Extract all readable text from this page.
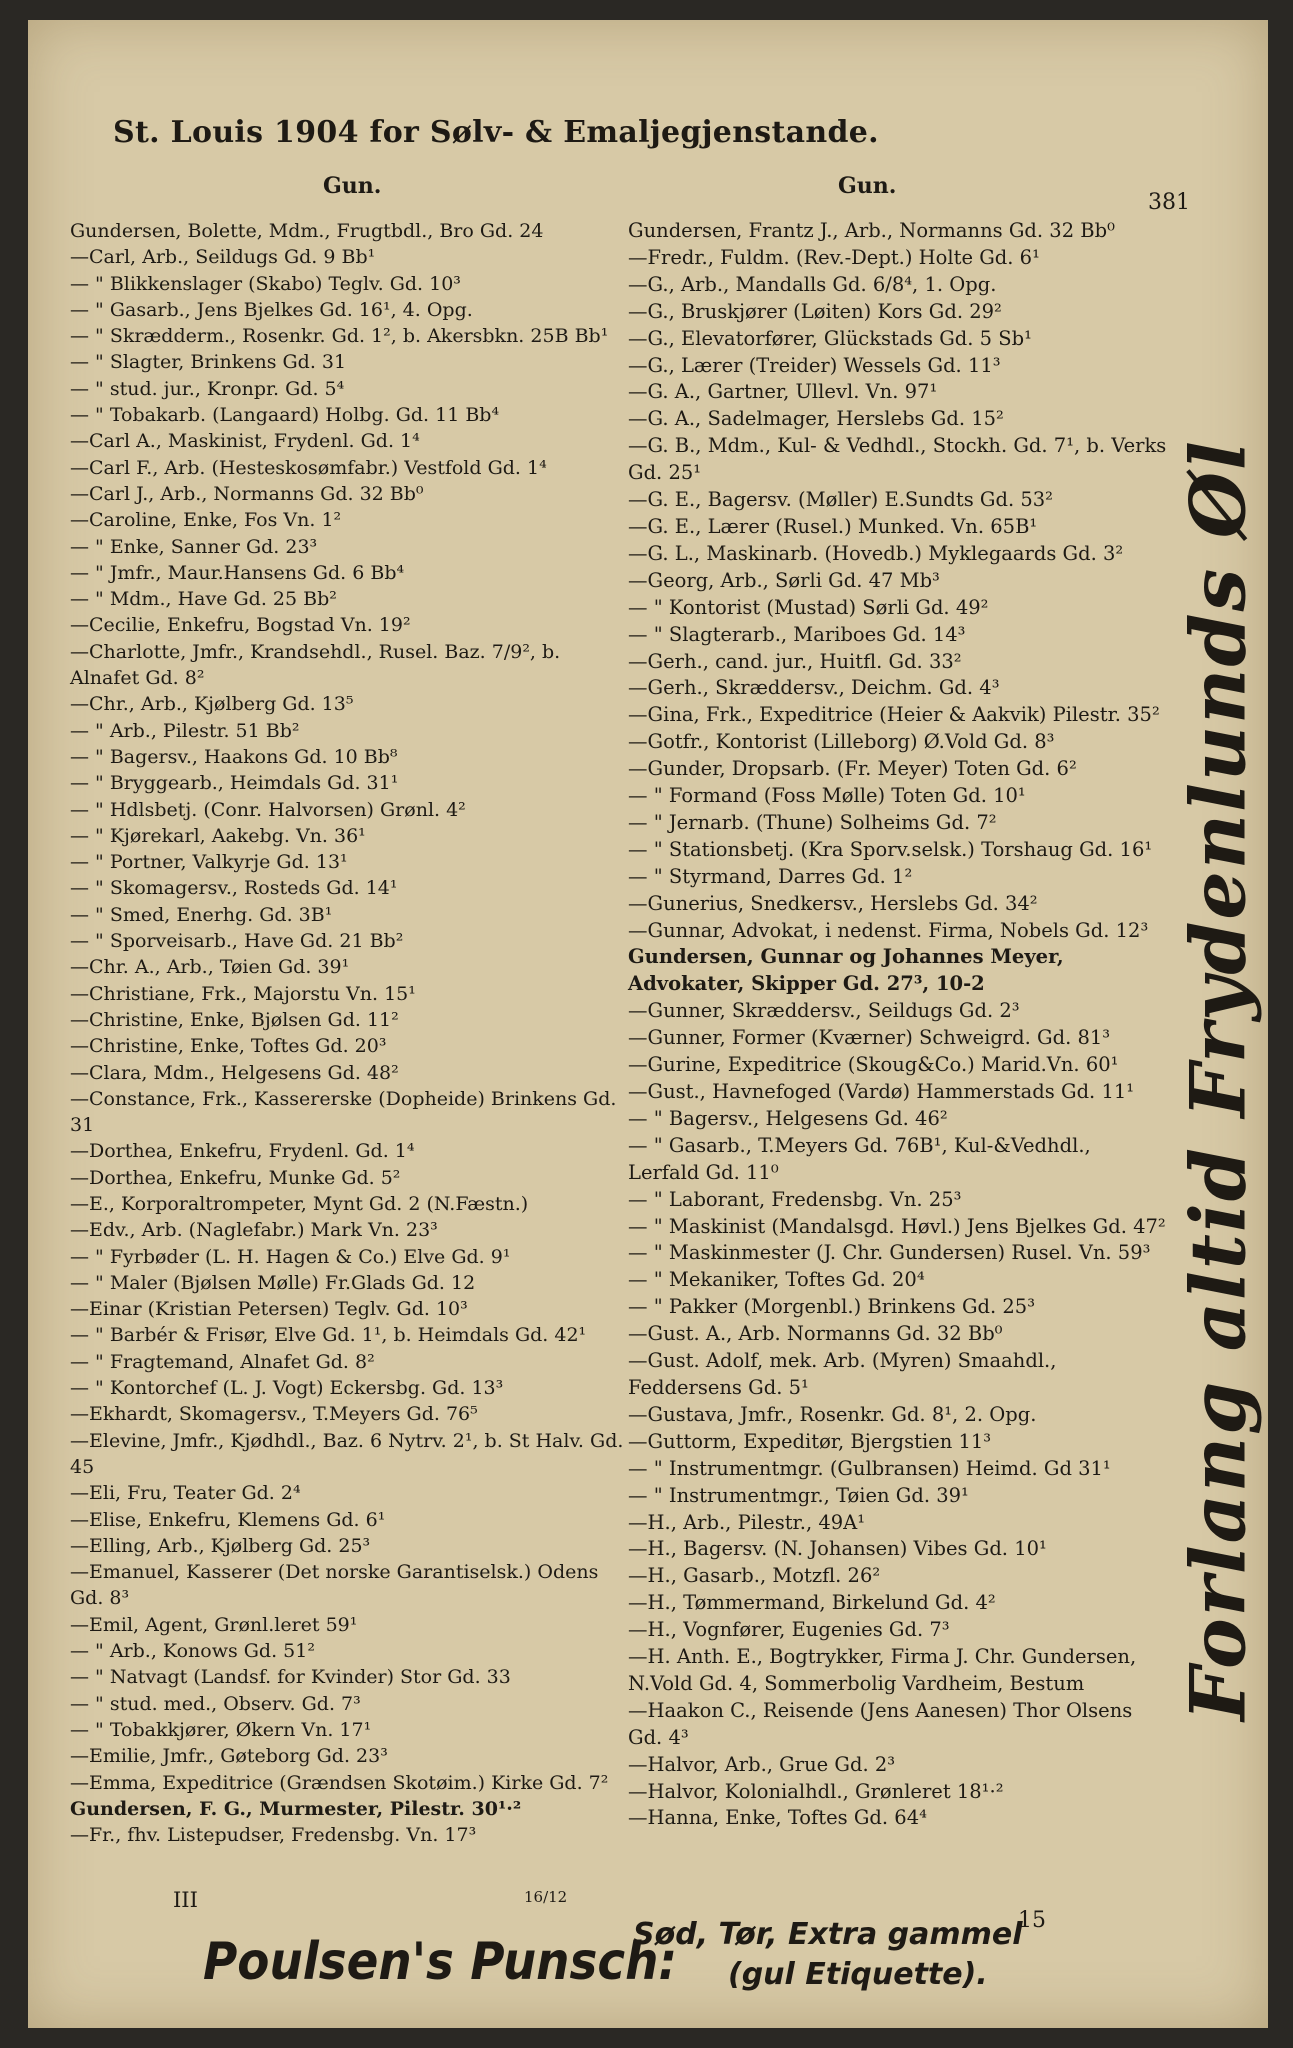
St. Louis 1904 for Sølv- & Emaljegjenstande.
Gun.	Gun.
381
Gundersen, Bolette, Mdm., Frugtbdl., Bro Gd. 24
—Carl, Arb., Seildugs Gd. 9 Bb¹
— " Blikkenslager (Skabo) Teglv. Gd. 10³
— " Gasarb., Jens Bjelkes Gd. 16¹, 4. Opg.
— " Skrædderm., Rosenkr. Gd. 1², b. Akersbkn. 25B Bb¹
— " Slagter, Brinkens Gd. 31
— " stud. jur., Kronpr. Gd. 5⁴
— " Tobakarb. (Langaard) Holbg. Gd. 11 Bb⁴
—Carl A., Maskinist, Frydenl. Gd. 1⁴
—Carl F., Arb. (Hesteskosømfabr.) Vestfold Gd. 1⁴
—Carl J., Arb., Normanns Gd. 32 Bb⁰
—Caroline, Enke, Fos Vn. 1²
— " Enke, Sanner Gd. 23³
— " Jmfr., Maur.Hansens Gd. 6 Bb⁴
— " Mdm., Have Gd. 25 Bb²
—Cecilie, Enkefru, Bogstad Vn. 19²
—Charlotte, Jmfr., Krandsehdl., Rusel. Baz. 7/9², b. Alnafet Gd. 8²
—Chr., Arb., Kjølberg Gd. 13⁵
— " Arb., Pilestr. 51 Bb²
— " Bagersv., Haakons Gd. 10 Bb⁸
— " Bryggearb., Heimdals Gd. 31¹
— " Hdlsbetj. (Conr. Halvorsen) Grønl. 4²
— " Kjørekarl, Aakebg. Vn. 36¹
— " Portner, Valkyrje Gd. 13¹
— " Skomagersv., Rosteds Gd. 14¹
— " Smed, Enerhg. Gd. 3B¹
— " Sporveisarb., Have Gd. 21 Bb²
—Chr. A., Arb., Tøien Gd. 39¹
—Christiane, Frk., Majorstu Vn. 15¹
—Christine, Enke, Bjølsen Gd. 11²
—Christine, Enke, Toftes Gd. 20³
—Clara, Mdm., Helgesens Gd. 48²
—Constance, Frk., Kassererske (Dopheide) Brinkens Gd. 31
—Dorthea, Enkefru, Frydenl. Gd. 1⁴
—Dorthea, Enkefru, Munke Gd. 5²
—E., Korporaltrompeter, Mynt Gd. 2 (N.Fæstn.)
—Edv., Arb. (Naglefabr.) Mark Vn. 23³
— " Fyrbøder (L. H. Hagen & Co.) Elve Gd. 9¹
— " Maler (Bjølsen Mølle) Fr.Glads Gd. 12
—Einar (Kristian Petersen) Teglv. Gd. 10³
— " Barbér & Frisør, Elve Gd. 1¹, b. Heimdals Gd. 42¹
— " Fragtemand, Alnafet Gd. 8²
— " Kontorchef (L. J. Vogt) Eckersbg. Gd. 13³
—Ekhardt, Skomagersv., T.Meyers Gd. 76⁵
—Elevine, Jmfr., Kjødhdl., Baz. 6 Nytrv. 2¹, b. St Halv. Gd. 45
—Eli, Fru, Teater Gd. 2⁴
—Elise, Enkefru, Klemens Gd. 6¹
—Elling, Arb., Kjølberg Gd. 25³
—Emanuel, Kasserer (Det norske Garantiselsk.) Odens Gd. 8³
—Emil, Agent, Grønl.leret 59¹
— " Arb., Konows Gd. 51²
— " Natvagt (Landsf. for Kvinder) Stor Gd. 33
— " stud. med., Observ. Gd. 7³
— " Tobakkjører, Økern Vn. 17¹
—Emilie, Jmfr., Gøteborg Gd. 23³
—Emma, Expeditrice (Grændsen Skotøim.) Kirke Gd. 7²
Gundersen, F. G., Murmester, Pilestr. 30¹·²
—Fr., fhv. Listepudser, Fredensbg. Vn. 17³
Gundersen, Frantz J., Arb., Normanns Gd. 32 Bb⁰
—Fredr., Fuldm. (Rev.-Dept.) Holte Gd. 6¹
—G., Arb., Mandalls Gd. 6/8⁴, 1. Opg.
—G., Bruskjører (Løiten) Kors Gd. 29²
—G., Elevatorfører, Glückstads Gd. 5 Sb¹
—G., Lærer (Treider) Wessels Gd. 11³
—G. A., Gartner, Ullevl. Vn. 97¹
—G. A., Sadelmager, Herslebs Gd. 15²
—G. B., Mdm., Kul- & Vedhdl., Stockh. Gd. 7¹, b. Verks Gd. 25¹
—G. E., Bagersv. (Møller) E.Sundts Gd. 53²
—G. E., Lærer (Rusel.) Munked. Vn. 65B¹
—G. L., Maskinarb. (Hovedb.) Myklegaards Gd. 3²
—Georg, Arb., Sørli Gd. 47 Mb³
— " Kontorist (Mustad) Sørli Gd. 49²
— " Slagterarb., Mariboes Gd. 14³
—Gerh., cand. jur., Huitfl. Gd. 33²
—Gerh., Skræddersv., Deichm. Gd. 4³
—Gina, Frk., Expeditrice (Heier & Aakvik) Pilestr. 35²
—Gotfr., Kontorist (Lilleborg) Ø.Vold Gd. 8³
—Gunder, Dropsarb. (Fr. Meyer) Toten Gd. 6²
— " Formand (Foss Mølle) Toten Gd. 10¹
— " Jernarb. (Thune) Solheims Gd. 7²
— " Stationsbetj. (Kra Sporv.selsk.) Torshaug Gd. 16¹
— " Styrmand, Darres Gd. 1²
—Gunerius, Snedkersv., Herslebs Gd. 34²
—Gunnar, Advokat, i nedenst. Firma, Nobels Gd. 12³
Gundersen, Gunnar og Johannes Meyer, Advokater, Skipper Gd. 27³, 10-2
—Gunner, Skræddersv., Seildugs Gd. 2³
—Gunner, Former (Kværner) Schweigrd. Gd. 81³
—Gurine, Expeditrice (Skoug&Co.) Marid.Vn. 60¹
—Gust., Havnefoged (Vardø) Hammerstads Gd. 11¹
— " Bagersv., Helgesens Gd. 46²
— " Gasarb., T.Meyers Gd. 76B¹, Kul-&Vedhdl., Lerfald Gd. 11⁰
— " Laborant, Fredensbg. Vn. 25³
— " Maskinist (Mandalsgd. Høvl.) Jens Bjelkes Gd. 47²
— " Maskinmester (J. Chr. Gundersen) Rusel. Vn. 59³
— " Mekaniker, Toftes Gd. 20⁴
— " Pakker (Morgenbl.) Brinkens Gd. 25³
—Gust. A., Arb. Normanns Gd. 32 Bb⁰
—Gust. Adolf, mek. Arb. (Myren) Smaahdl., Feddersens Gd. 5¹
—Gustava, Jmfr., Rosenkr. Gd. 8¹, 2. Opg.
—Guttorm, Expeditør, Bjergstien 11³
— " Instrumentmgr. (Gulbransen) Heimd. Gd 31¹
— " Instrumentmgr., Tøien Gd. 39¹
—H., Arb., Pilestr., 49A¹
—H., Bagersv. (N. Johansen) Vibes Gd. 10¹
—H., Gasarb., Motzfl. 26²
—H., Tømmermand, Birkelund Gd. 4²
—H., Vognfører, Eugenies Gd. 7³
—H. Anth. E., Bogtrykker, Firma J. Chr. Gundersen, N.Vold Gd. 4, Sommerbolig Vardheim, Bestum
—Haakon C., Reisende (Jens Aanesen) Thor Olsens Gd. 4³
—Halvor, Arb., Grue Gd. 2³
—Halvor, Kolonialhdl., Grønleret 18¹·²
—Hanna, Enke, Toftes Gd. 64⁴
Forlang altid Frydenlunds Øl
III	16/12
15
Poulsen's Punsch:
Sød, Tør, Extra gammel
(gul Etiquette).
